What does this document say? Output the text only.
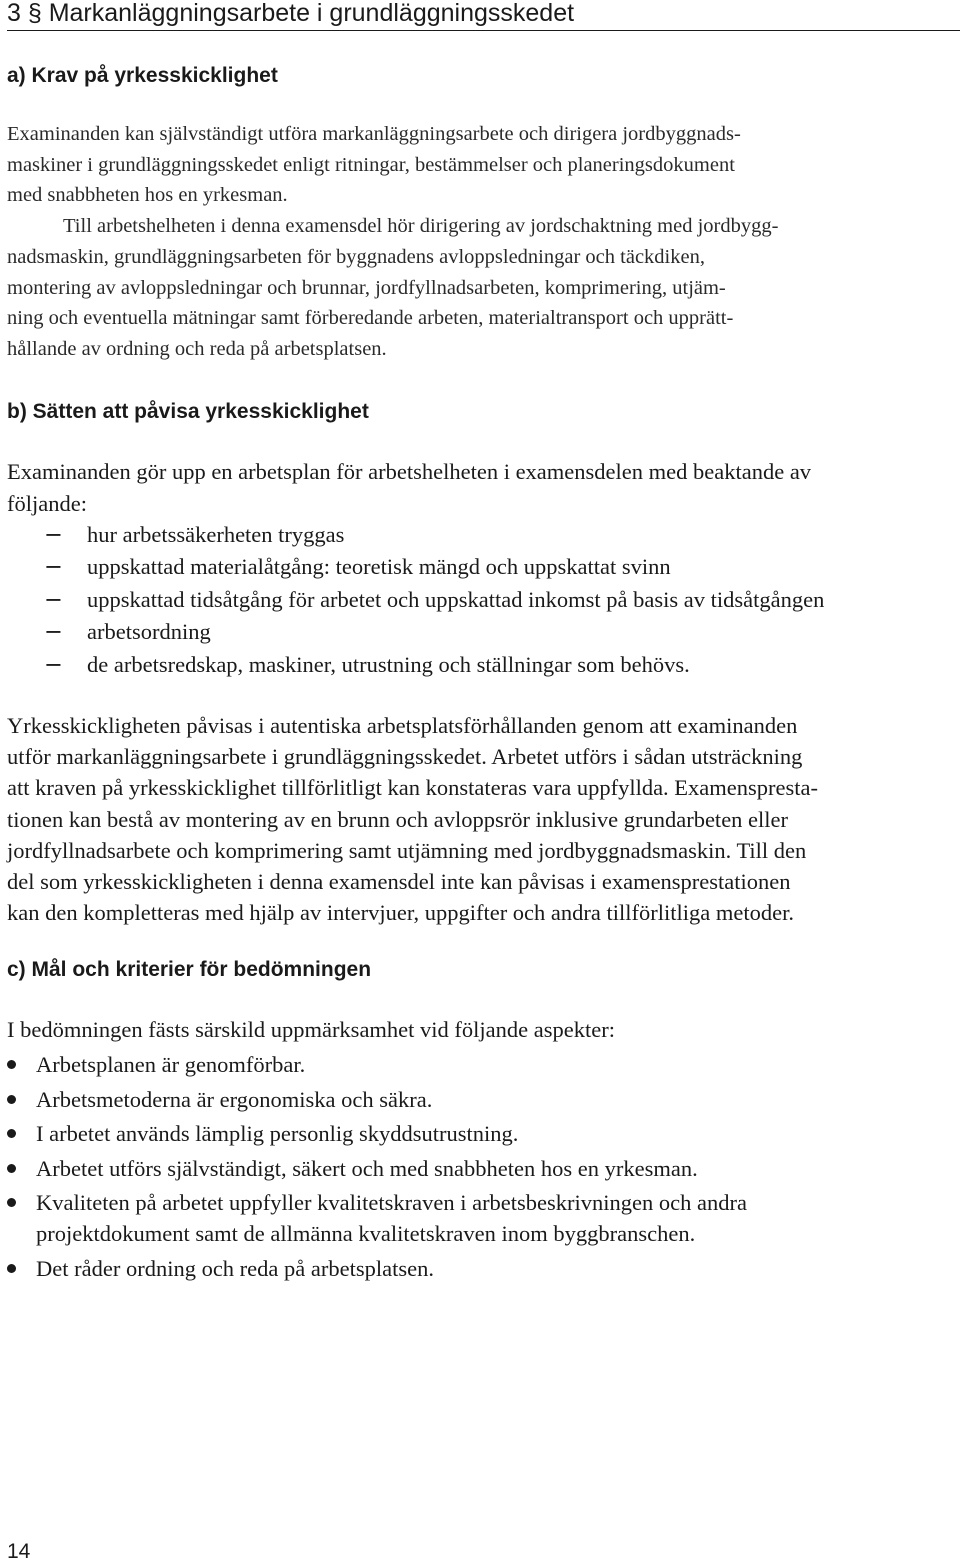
3 § Markanläggningsarbete i grundläggningsskedet
a) Krav på yrkesskicklighet

Examinanden kan självständigt utföra markanläggningsarbete och dirigera jordbyggnads-
maskiner i grundläggningsskedet enligt ritningar, bestämmelser och planeringsdokument
med snabbheten hos en yrkesman.
Till arbetshelheten i denna examensdel hör dirigering av jordschaktning med jordbygg-
nadsmaskin, grundläggningsarbeten för byggnadens avloppsledningar och täckdiken,
montering av avloppsledningar och brunnar, jordfyllnadsarbeten, komprimering, utjäm-
ning och eventuella mätningar samt förberedande arbeten, materialtransport och upprätt-
hållande av ordning och reda på arbetsplatsen.

b) Sätten att påvisa yrkesskicklighet

Examinanden gör upp en arbetsplan för arbetshelheten i examensdelen med beaktande av
följande:

−	hur arbetssäkerheten tryggas
−	uppskattad materialåtgång: teoretisk mängd och uppskattat svinn
−	uppskattad tidsåtgång för arbetet och uppskattad inkomst på basis av tidsåtgången
−	arbetsordning
−	de arbetsredskap, maskiner, utrustning och ställningar som behövs.

Yrkesskickligheten påvisas i autentiska arbetsplatsförhållanden genom att examinanden
utför markanläggningsarbete i grundläggningsskedet. Arbetet utförs i sådan utsträckning
att kraven på yrkesskicklighet tillförlitligt kan konstateras vara uppfyllda. Examenspresta-
tionen kan bestå av montering av en brunn och avloppsrör inklusive grundarbeten eller
jordfyllnadsarbete och komprimering samt utjämning med jordbyggnadsmaskin. Till den
del som yrkesskickligheten i denna examensdel inte kan påvisas i examensprestationen
kan den kompletteras med hjälp av intervjuer, uppgifter och andra tillförlitliga metoder.

c) Mål och kriterier för bedömningen

I bedömningen fästs särskild uppmärksamhet vid följande aspekter:

Arbetsplanen är genomförbar.
Arbetsmetoderna är ergonomiska och säkra.
I arbetet används lämplig personlig skyddsutrustning.
Arbetet utförs självständigt, säkert och med snabbheten hos en yrkesman.
Kvaliteten på arbetet uppfyller kvalitetskraven i arbetsbeskrivningen och andra
projektdokument samt de allmänna kvalitetskraven inom byggbranschen.
Det råder ordning och reda på arbetsplatsen.
14
